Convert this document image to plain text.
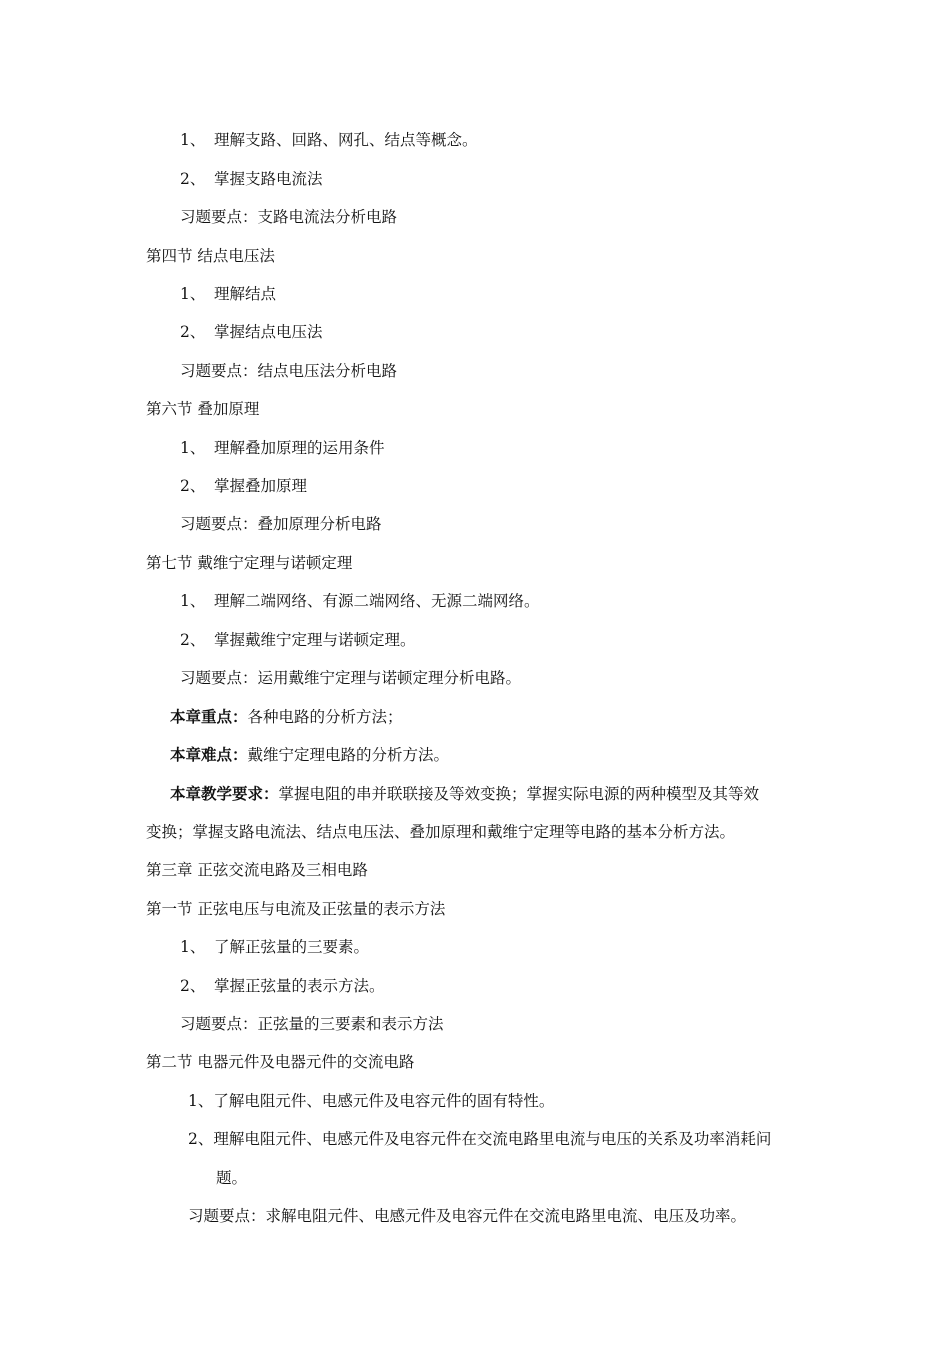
1、 理解支路、回路、网孔、结点等概念。
2、 掌握支路电流法
习题要点：支路电流法分析电路
第四节 结点电压法
1、 理解结点
2、 掌握结点电压法
习题要点：结点电压法分析电路
第六节 叠加原理
1、 理解叠加原理的运用条件
2、 掌握叠加原理
习题要点：叠加原理分析电路
第七节 戴维宁定理与诺顿定理
1、 理解二端网络、有源二端网络、无源二端网络。
2、 掌握戴维宁定理与诺顿定理。
习题要点：运用戴维宁定理与诺顿定理分析电路。
本章重点：各种电路的分析方法；
本章难点：戴维宁定理电路的分析方法。
本章教学要求：掌握电阻的串并联联接及等效变换；掌握实际电源的两种模型及其等效
变换；掌握支路电流法、结点电压法、叠加原理和戴维宁定理等电路的基本分析方法。
第三章 正弦交流电路及三相电路
第一节 正弦电压与电流及正弦量的表示方法
1、 了解正弦量的三要素。
2、 掌握正弦量的表示方法。
习题要点：正弦量的三要素和表示方法
第二节 电器元件及电器元件的交流电路
1、了解电阻元件、电感元件及电容元件的固有特性。
2、理解电阻元件、电感元件及电容元件在交流电路里电流与电压的关系及功率消耗问
题。
习题要点：求解电阻元件、电感元件及电容元件在交流电路里电流、电压及功率。
